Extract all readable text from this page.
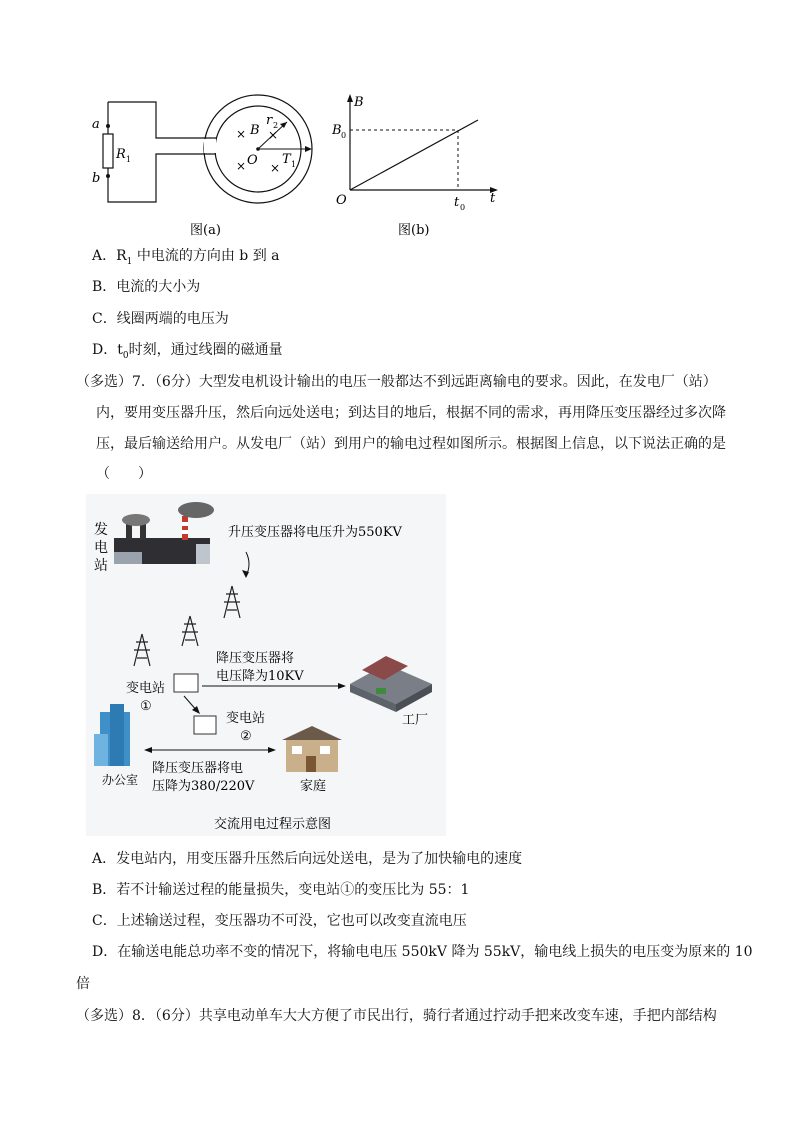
a
b
R 1
× B ×
r 2
× O ×
T 1
图(a)
B
B 0
O	t
t 0
图(b)
A．$R_1$ 中电流的方向由 b 到 a
B．电流的大小为
C．线圈两端的电压为
D．$t_0$时刻，通过线圈的磁通量
（多选）7．（6分）大型发电机设计输出的电压一般都达不到远距离输电的要求。因此，在发电厂（站）
内，要用变压器升压，然后向远处送电；到达目的地后，根据不同的需求，再用降压变压器经过多次降
压，最后输送给用户。从发电厂（站）到用户的输电过程如图所示。根据图上信息，以下说法正确的是
（　　）
发
电
站
升压变压器将电压升为550KV
变电站
①
降压变压器将
电压降为10KV
工厂
变电站
②
办公室
降压变压器将电
压降为380/220V	家庭
交流用电过程示意图
A．发电站内，用变压器升压然后向远处送电，是为了加快输电的速度
B．若不计输送过程的能量损失，变电站①的变压比为 55：1
C．上述输送过程，变压器功不可没，它也可以改变直流电压
D．在输送电能总功率不变的情况下，将输电电压 550kV 降为 55kV，输电线上损失的电压变为原来的 10
倍
（多选）8．（6分）共享电动单车大大方便了市民出行，骑行者通过拧动手把来改变车速，手把内部结构
